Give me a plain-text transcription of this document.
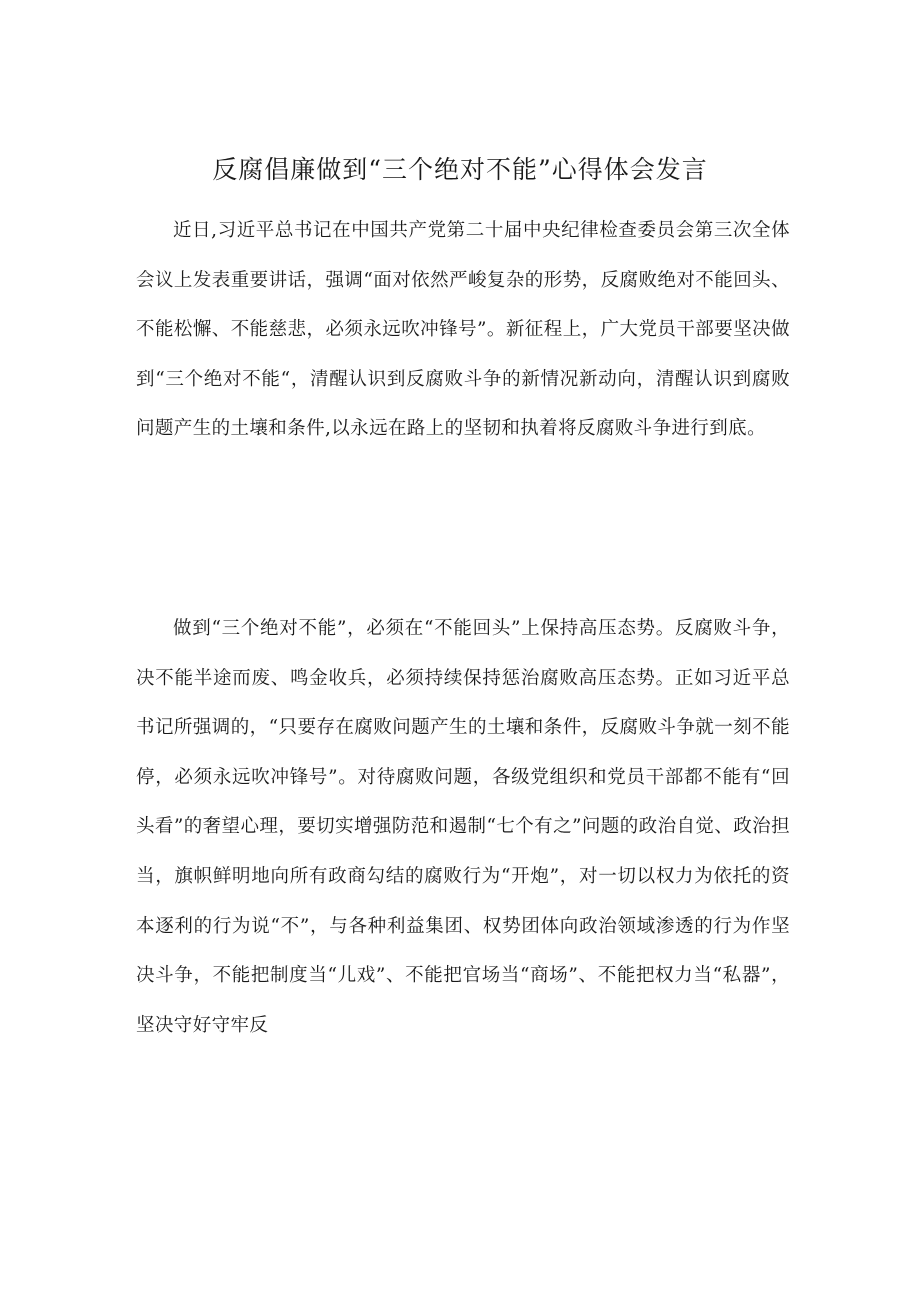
反腐倡廉做到“三个绝对不能”心得体会发言

近日,习近平总书记在中国共产党第二十届中央纪律检查委员会第三次全体会议上发表重要讲话，强调“面对依然严峻复杂的形势，反腐败绝对不能回头、不能松懈、不能慈悲，必须永远吹冲锋号”。新征程上，广大党员干部要坚决做到“三个绝对不能“，清醒认识到反腐败斗争的新情况新动向，清醒认识到腐败问题产生的土壤和条件,以永远在路上的坚韧和执着将反腐败斗争进行到底。

做到“三个绝对不能”，必须在“不能回头”上保持高压态势。反腐败斗争，决不能半途而废、鸣金收兵，必须持续保持惩治腐败高压态势。正如习近平总书记所强调的，“只要存在腐败问题产生的土壤和条件，反腐败斗争就一刻不能停，必须永远吹冲锋号”。对待腐败问题，各级党组织和党员干部都不能有“回头看”的奢望心理，要切实增强防范和遏制“七个有之”问题的政治自觉、政治担当，旗帜鲜明地向所有政商勾结的腐败行为“开炮”，对一切以权力为依托的资本逐利的行为说“不”，与各种利益集团、权势团体向政治领域渗透的行为作坚决斗争，不能把制度当“儿戏”、不能把官场当“商场”、不能把权力当“私器”，坚决守好守牢反
